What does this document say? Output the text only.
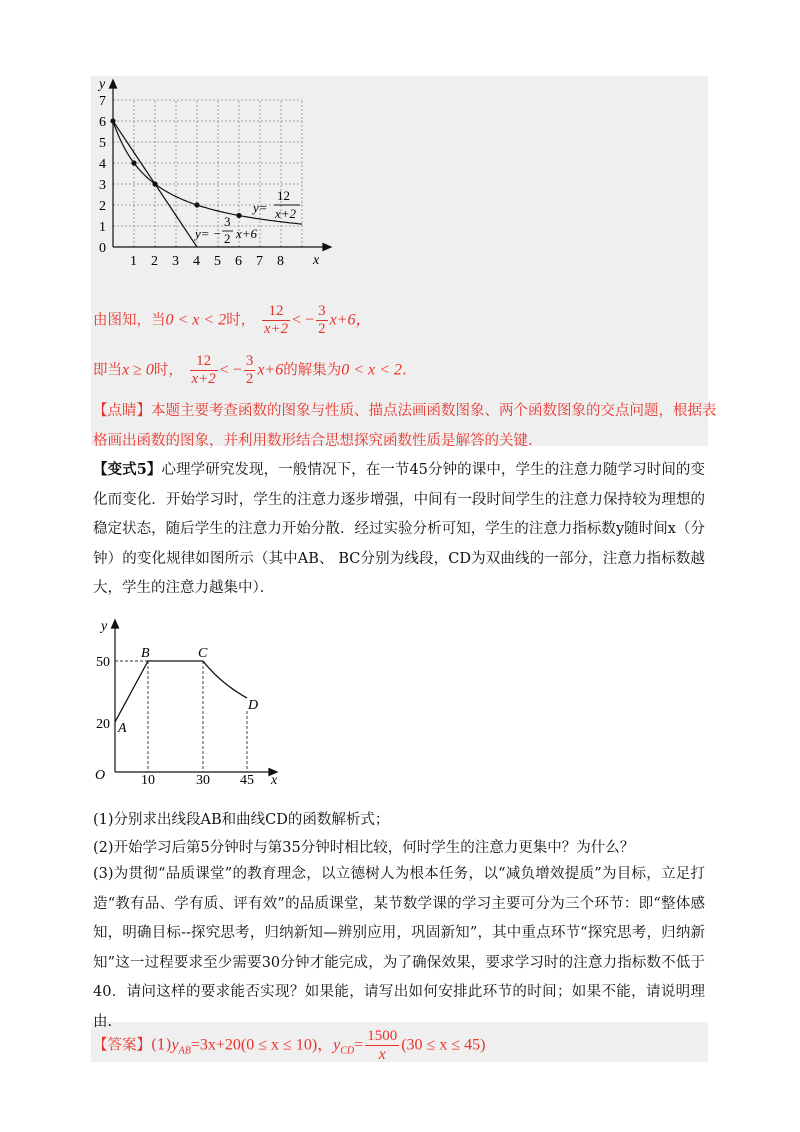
y
x
7
6
5
4
3
2
1
0
1 2 3 4 5 6 7 8
y=
12
x+2
y= −
3
2 x+6
由图知，当0 < x < 2时， $\frac{12}{x+2}$ < − $\frac{3}{2} x+6$，
即当x ≥ 0时， $\frac{12}{x+2}$ < − $\frac{3}{2} x+6$的解集为0 < x < 2.
【点睛】本题主要考查函数的图象与性质、描点法画函数图象、两个函数图象的交点问题，根据表
格画出函数的图象，并利用数形结合思想探究函数性质是解答的关键.
【变式5】心理学研究发现，一般情况下，在一节45分钟的课中，学生的注意力随学习时间的变化而变化．开始学习时，学生的注意力逐步增强，中间有一段时间学生的注意力保持较为理想的稳定状态，随后学生的注意力开始分散．经过实验分析可知，学生的注意力指标数y随时间x（分钟）的变化规律如图所示（其中AB、 BC分别为线段，CD为双曲线的一部分，注意力指标数越大，学生的注意力越集中）．
y
x
O
50
20
10	30 45
A
B	C
D
(1)分别求出线段AB和曲线CD的函数解析式；
(2)开始学习后第5分钟时与第35分钟时相比较，何时学生的注意力更集中？为什么？
(3)为贯彻“品质课堂”的教育理念，以立德树人为根本任务，以“减负增效提质”为目标，立足打造“教有品、学有质、评有效”的品质课堂，某节数学课的学习主要可分为三个环节：即“整体感知，明确目标--探究思考，归纳新知—辨别应用，巩固新知”，其中重点环节“探究思考，归纳新知”这一过程要求至少需要30分钟才能完成，为了确保效果，要求学习时的注意力指标数不低于40．请问这样的要求能否实现？如果能，请写出如何安排此环节的时间；如果不能，请说明理由.
【答案】$(1)y_{AB}=3x+20(0 \le x \le 10)$，$y_{CD}= \frac{1500}{x} (30 \le x \le 45)$
